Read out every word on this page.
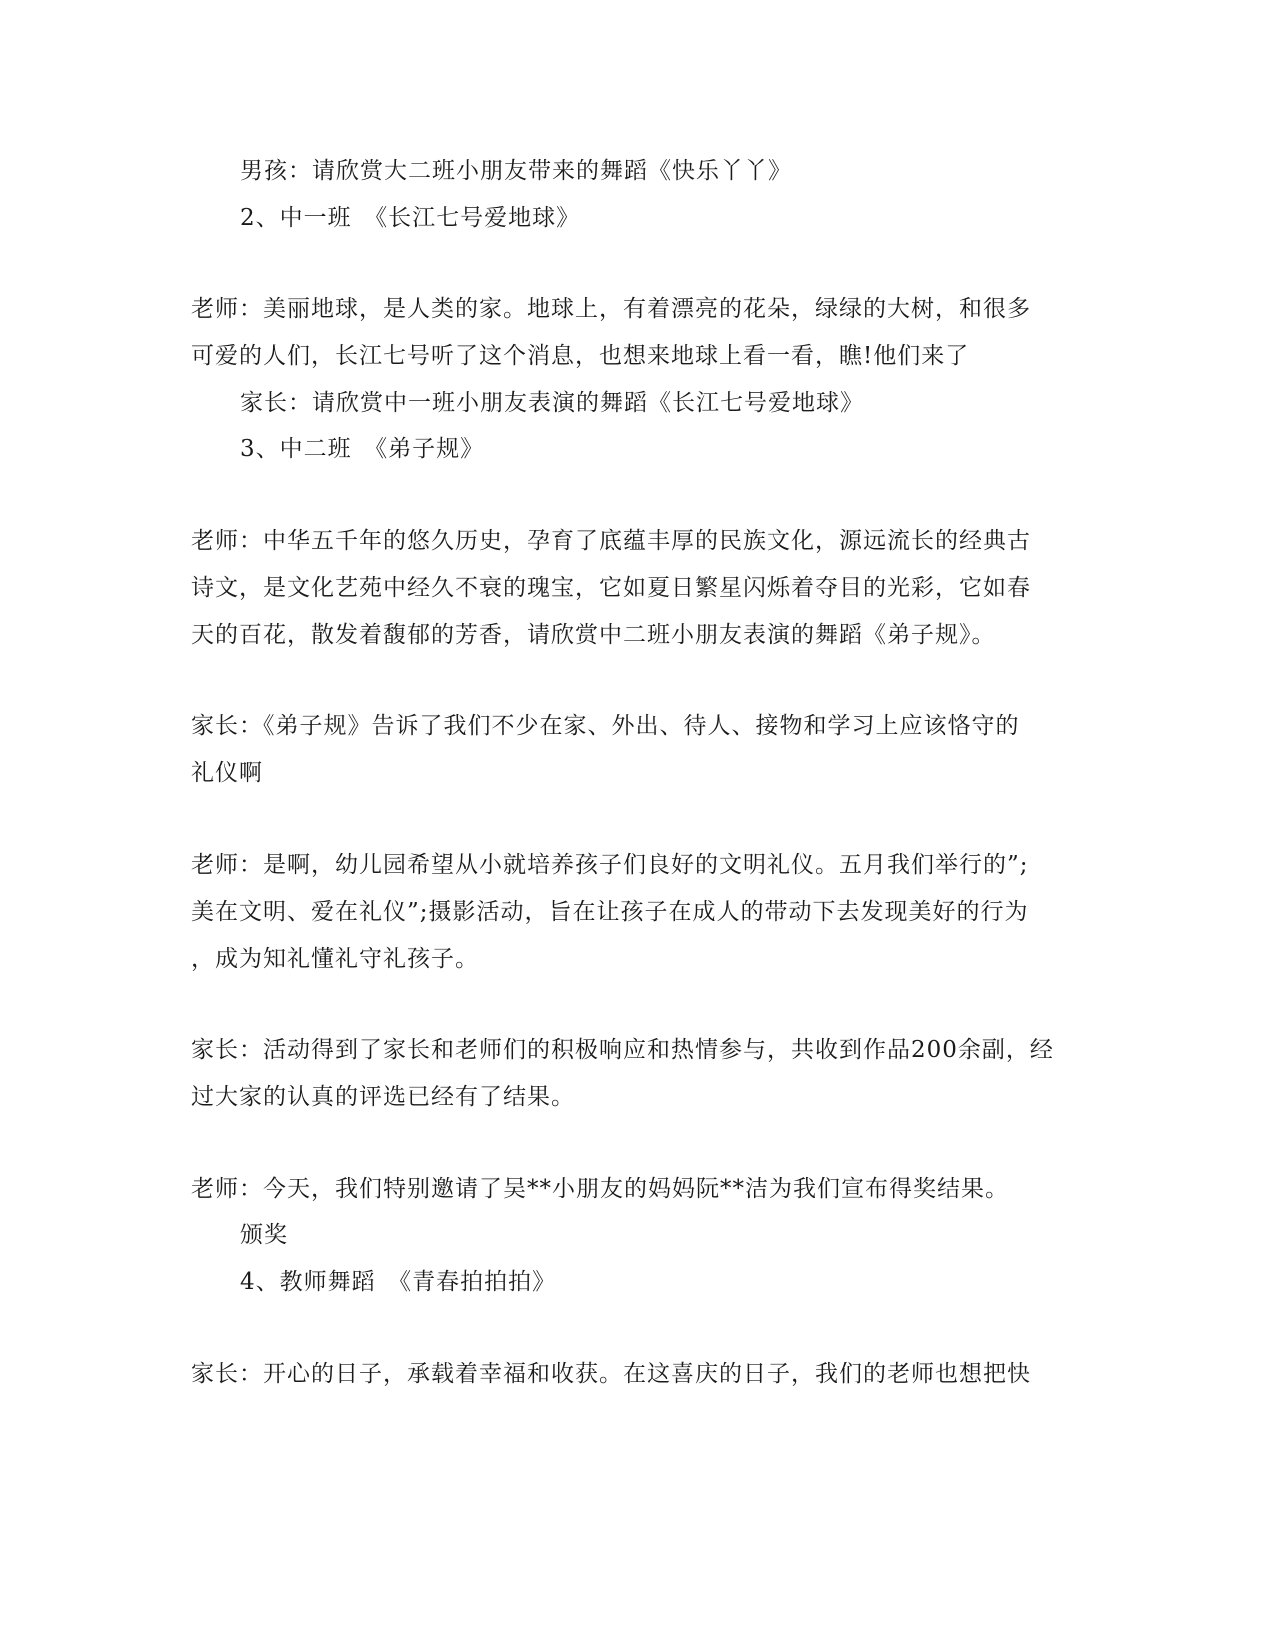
男孩：请欣赏大二班小朋友带来的舞蹈《快乐丫丫》
2、中一班　《长江七号爱地球》
老师：美丽地球，是人类的家。地球上，有着漂亮的花朵，绿绿的大树，和很多
可爱的人们，长江七号听了这个消息，也想来地球上看一看，瞧!他们来了
家长：请欣赏中一班小朋友表演的舞蹈《长江七号爱地球》
3、中二班　《弟子规》
老师：中华五千年的悠久历史，孕育了底蕴丰厚的民族文化，源远流长的经典古
诗文，是文化艺苑中经久不衰的瑰宝，它如夏日繁星闪烁着夺目的光彩，它如春
天的百花，散发着馥郁的芳香，请欣赏中二班小朋友表演的舞蹈《弟子规》。
家长：《弟子规》告诉了我们不少在家、外出、待人、接物和学习上应该恪守的
礼仪啊
老师：是啊，幼儿园希望从小就培养孩子们良好的文明礼仪。五月我们举行的”;
美在文明、爱在礼仪”;摄影活动，旨在让孩子在成人的带动下去发现美好的行为
，成为知礼懂礼守礼孩子。
家长：活动得到了家长和老师们的积极响应和热情参与，共收到作品200余副，经
过大家的认真的评选已经有了结果。
老师：今天，我们特别邀请了吴**小朋友的妈妈阮**洁为我们宣布得奖结果。
颁奖
4、教师舞蹈　《青春拍拍拍》
家长：开心的日子，承载着幸福和收获。在这喜庆的日子，我们的老师也想把快
